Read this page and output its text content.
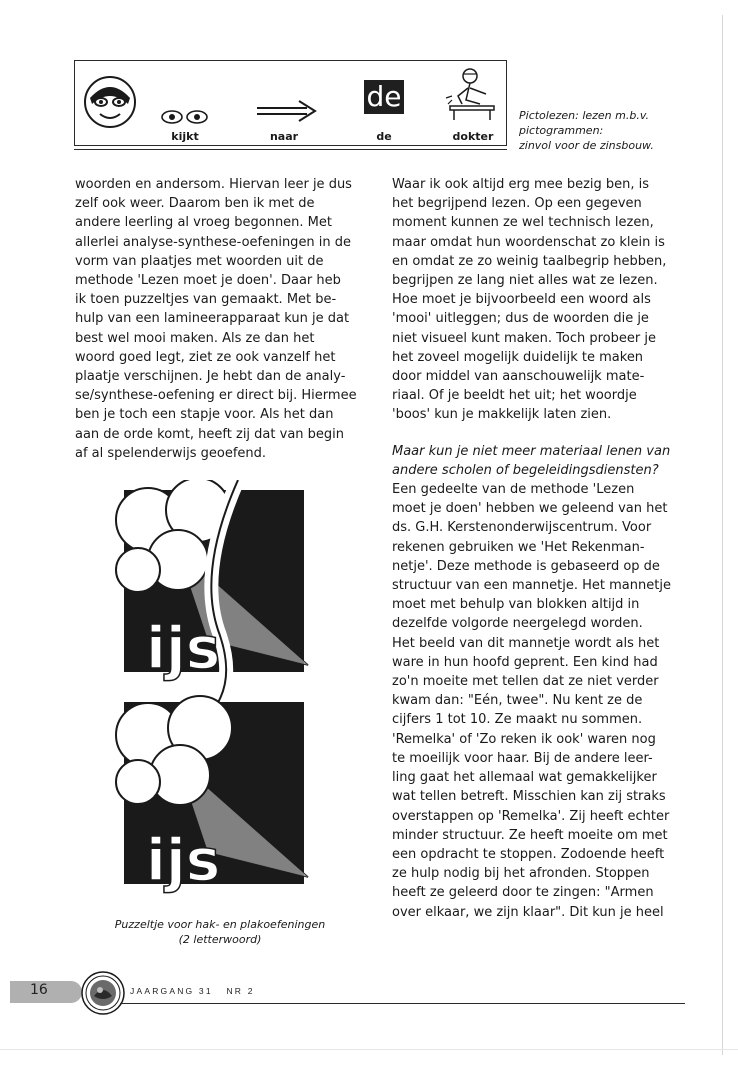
kijkt	naar
de
de	dokter
Pictolezen: lezen m.b.v.
pictogrammen:
zinvol voor de zinsbouw.

woorden en andersom. Hiervan leer je dus

zelf ook weer. Daarom ben ik met de

andere leerling al vroeg begonnen. Met

allerlei analyse-synthese-oefeningen in de

vorm van plaatjes met woorden uit de

methode 'Lezen moet je doen'. Daar heb

ik toen puzzeltjes van gemaakt. Met be-

hulp van een lamineerapparaat kun je dat

best wel mooi maken. Als ze dan het

woord goed legt, ziet ze ook vanzelf het

plaatje verschijnen. Je hebt dan de analy-

se/synthese-oefening er direct bij. Hiermee

ben je toch een stapje voor. Als het dan

aan de orde komt, heeft zij dat van begin

af al spelenderwijs geoefend.

ijs
ijs
Puzzeltje voor hak- en plakoefeningen
(2 letterwoord)

Waar ik ook altijd erg mee bezig ben, is

het begrijpend lezen. Op een gegeven

moment kunnen ze wel technisch lezen,

maar omdat hun woordenschat zo klein is

en omdat ze zo weinig taalbegrip hebben,

begrijpen ze lang niet alles wat ze lezen.

Hoe moet je bijvoorbeeld een woord als

'mooi' uitleggen; dus de woorden die je

niet visueel kunt maken. Toch probeer je

het zoveel mogelijk duidelijk te maken

door middel van aanschouwelijk mate-

riaal. Of je beeldt het uit; het woordje

'boos' kun je makkelijk laten zien.

Maar kun je niet meer materiaal lenen van

andere scholen of begeleidingsdiensten?

Een gedeelte van de methode 'Lezen

moet je doen' hebben we geleend van het

ds. G.H. Kerstenonderwijscentrum. Voor

rekenen gebruiken we 'Het Rekenman-

netje'. Deze methode is gebaseerd op de

structuur van een mannetje. Het mannetje

moet met behulp van blokken altijd in

dezelfde volgorde neergelegd worden.

Het beeld van dit mannetje wordt als het

ware in hun hoofd geprent. Een kind had

zo'n moeite met tellen dat ze niet verder

kwam dan: "Eén, twee". Nu kent ze de

cijfers 1 tot 10. Ze maakt nu sommen.

'Remelka' of 'Zo reken ik ook' waren nog

te moeilijk voor haar. Bij de andere leer-

ling gaat het allemaal wat gemakkelijker

wat tellen betreft. Misschien kan zij straks

overstappen op 'Remelka'. Zij heeft echter

minder structuur. Ze heeft moeite om met

een opdracht te stoppen. Zodoende heeft

ze hulp nodig bij het afronden. Stoppen

heeft ze geleerd door te zingen: "Armen

over elkaar, we zijn klaar". Dit kun je heel

16	JAARGANG 31   NR 2
